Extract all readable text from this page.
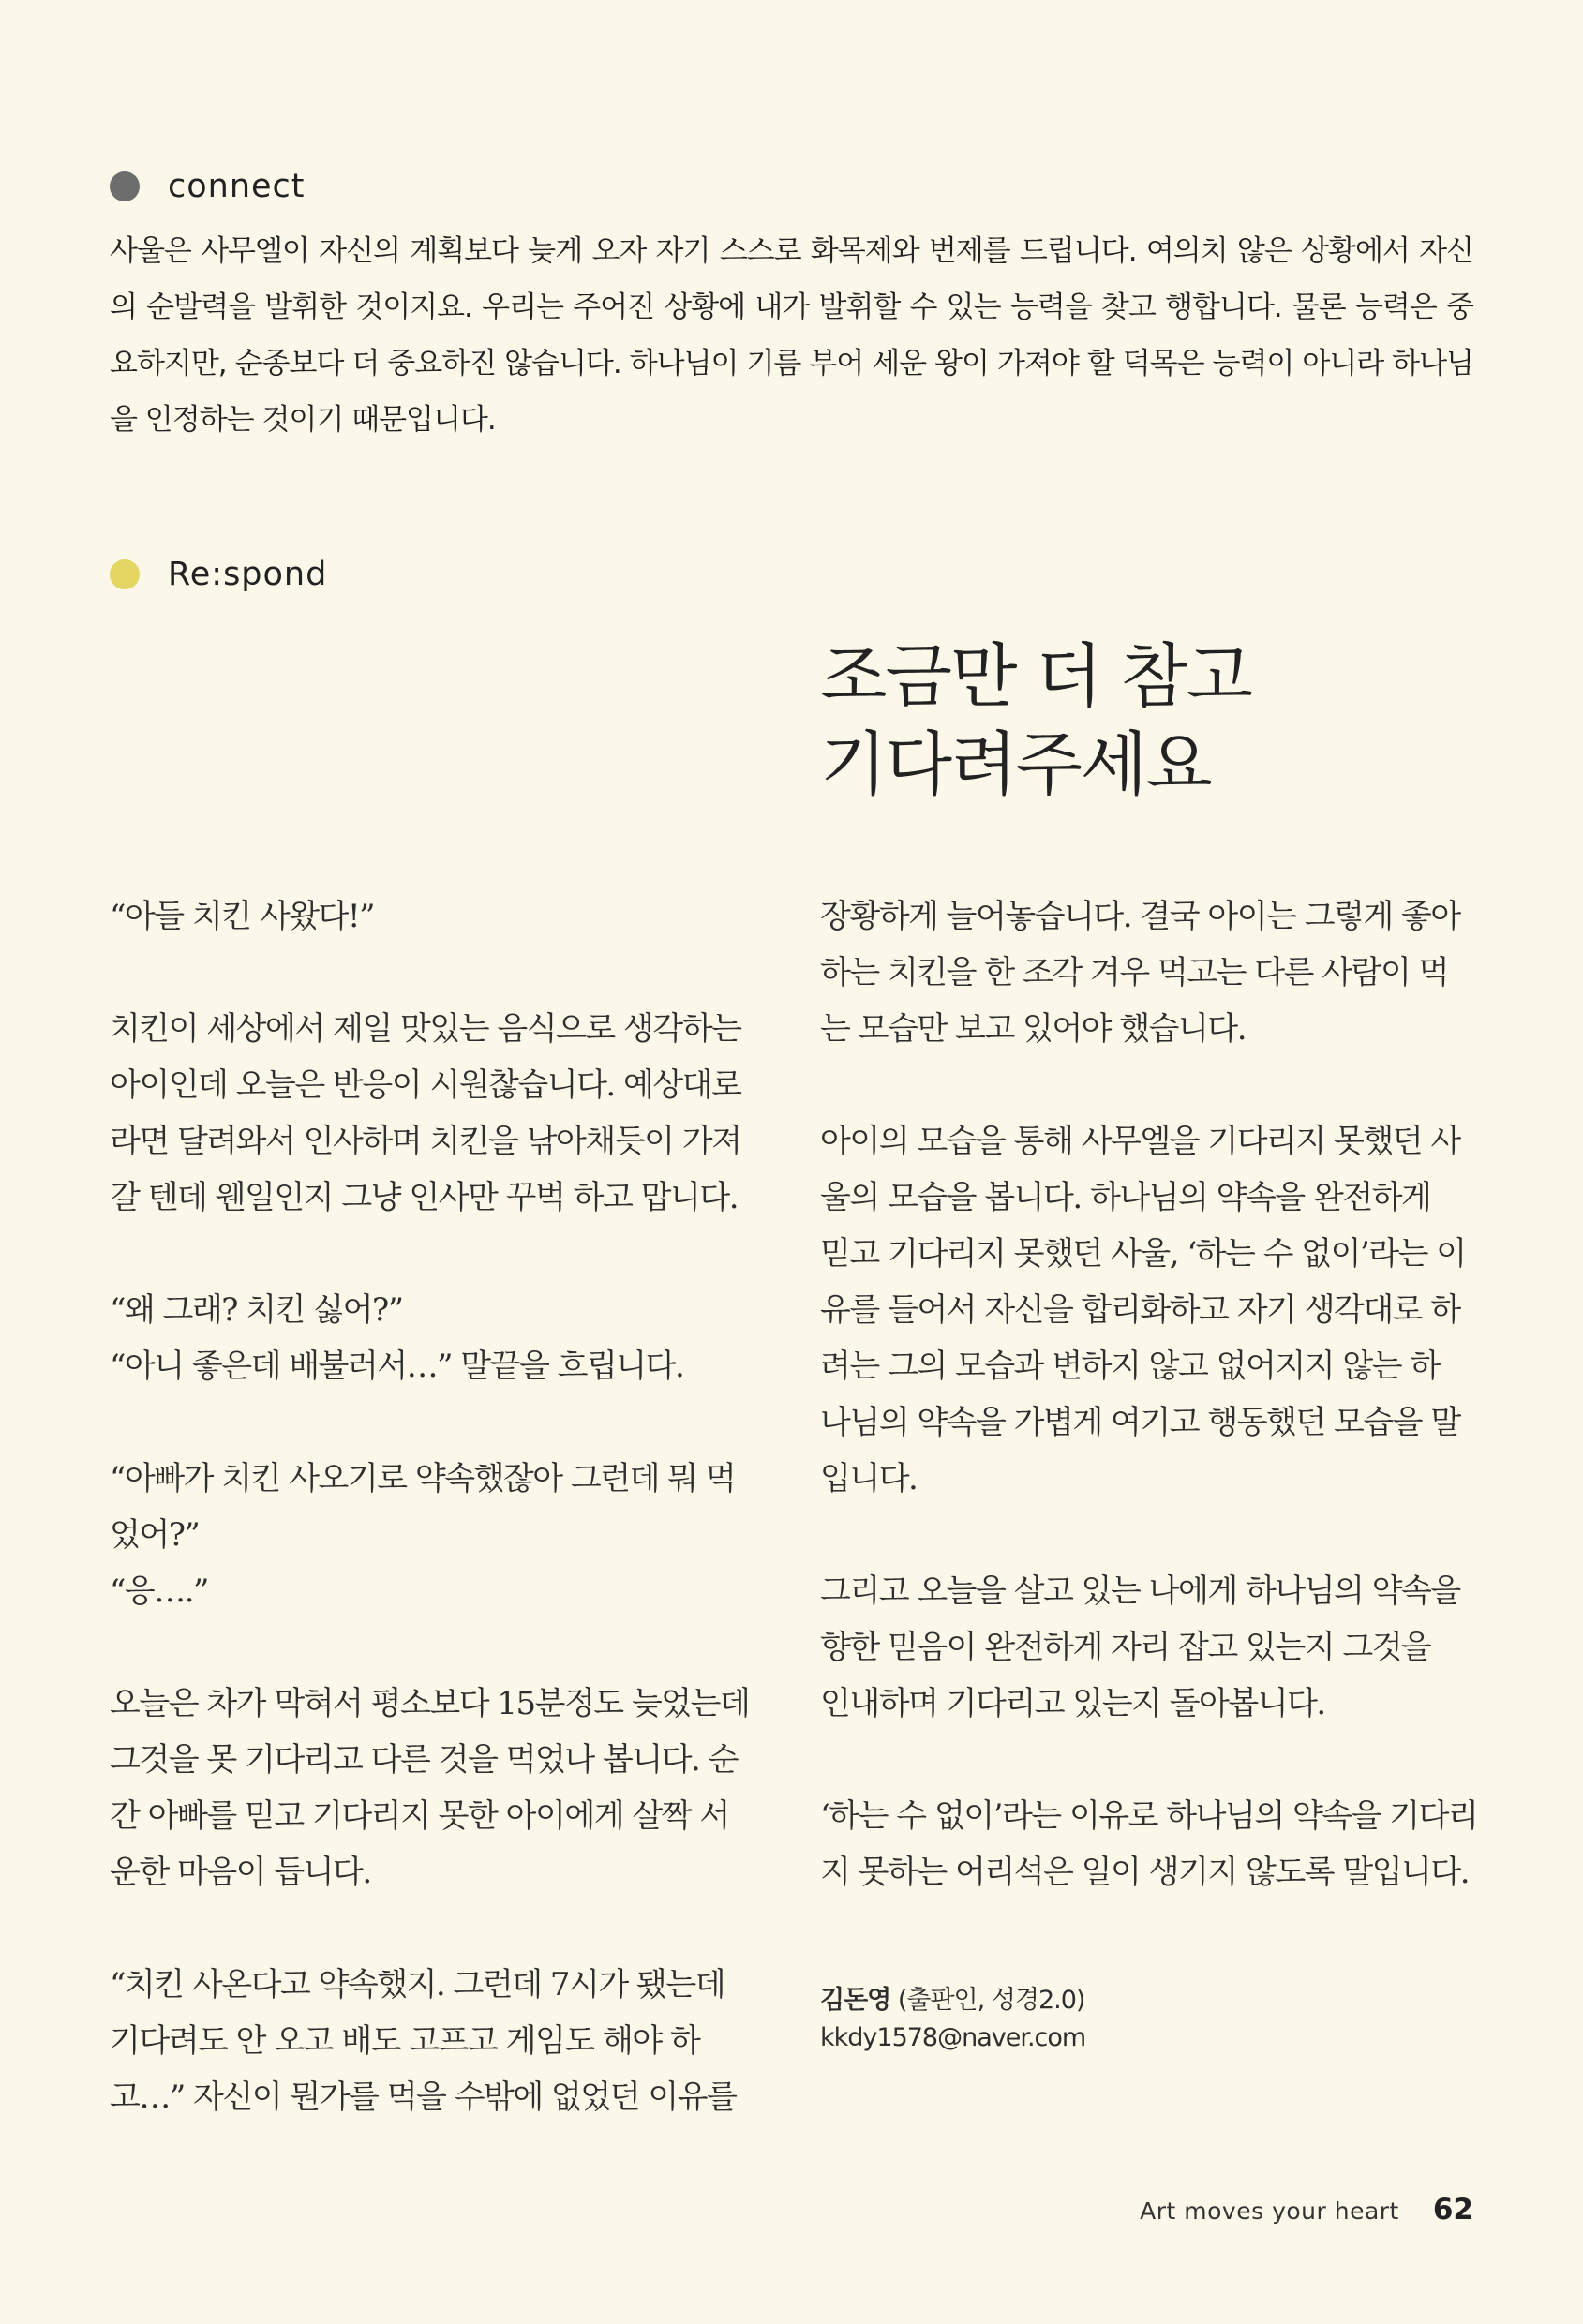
connect

사울은 사무엘이 자신의 계획보다 늦게 오자 자기 스스로 화목제와 번제를 드립니다. 여의치 않은 상황에서 자신의 순발력을 발휘한 것이지요. 우리는 주어진 상황에 내가 발휘할 수 있는 능력을 찾고 행합니다. 물론 능력은 중요하지만, 순종보다 더 중요하진 않습니다. 하나님이 기름 부어 세운 왕이 가져야 할 덕목은 능력이 아니라 하나님을 인정하는 것이기 때문입니다.

Re:spond
조금만 더 참고
기다려주세요

“아들 치킨 사왔다!”

치킨이 세상에서 제일 맛있는 음식으로 생각하는
아이인데 오늘은 반응이 시원찮습니다. 예상대로
라면 달려와서 인사하며 치킨을 낚아채듯이 가져
갈 텐데 웬일인지 그냥 인사만 꾸벅 하고 맙니다.

“왜 그래? 치킨 싫어?”
“아니 좋은데 배불러서…” 말끝을 흐립니다.

“아빠가 치킨 사오기로 약속했잖아 그런데 뭐 먹
었어?”
“응….”

오늘은 차가 막혀서 평소보다 15분정도 늦었는데
그것을 못 기다리고 다른 것을 먹었나 봅니다. 순
간 아빠를 믿고 기다리지 못한 아이에게 살짝 서
운한 마음이 듭니다.

“치킨 사온다고 약속했지. 그런데 7시가 됐는데
기다려도 안 오고 배도 고프고 게임도 해야 하
고…” 자신이 뭔가를 먹을 수밖에 없었던 이유를

장황하게 늘어놓습니다. 결국 아이는 그렇게 좋아
하는 치킨을 한 조각 겨우 먹고는 다른 사람이 먹
는 모습만 보고 있어야 했습니다.

아이의 모습을 통해 사무엘을 기다리지 못했던 사
울의 모습을 봅니다. 하나님의 약속을 완전하게
믿고 기다리지 못했던 사울, ‘하는 수 없이’라는 이
유를 들어서 자신을 합리화하고 자기 생각대로 하
려는 그의 모습과 변하지 않고 없어지지 않는 하
나님의 약속을 가볍게 여기고 행동했던 모습을 말
입니다.

그리고 오늘을 살고 있는 나에게 하나님의 약속을
향한 믿음이 완전하게 자리 잡고 있는지 그것을
인내하며 기다리고 있는지 돌아봅니다.

‘하는 수 없이’라는 이유로 하나님의 약속을 기다리
지 못하는 어리석은 일이 생기지 않도록 말입니다.

김돈영 (출판인, 성경2.0)
kkdy1578@naver.com
Art moves your heart 62
